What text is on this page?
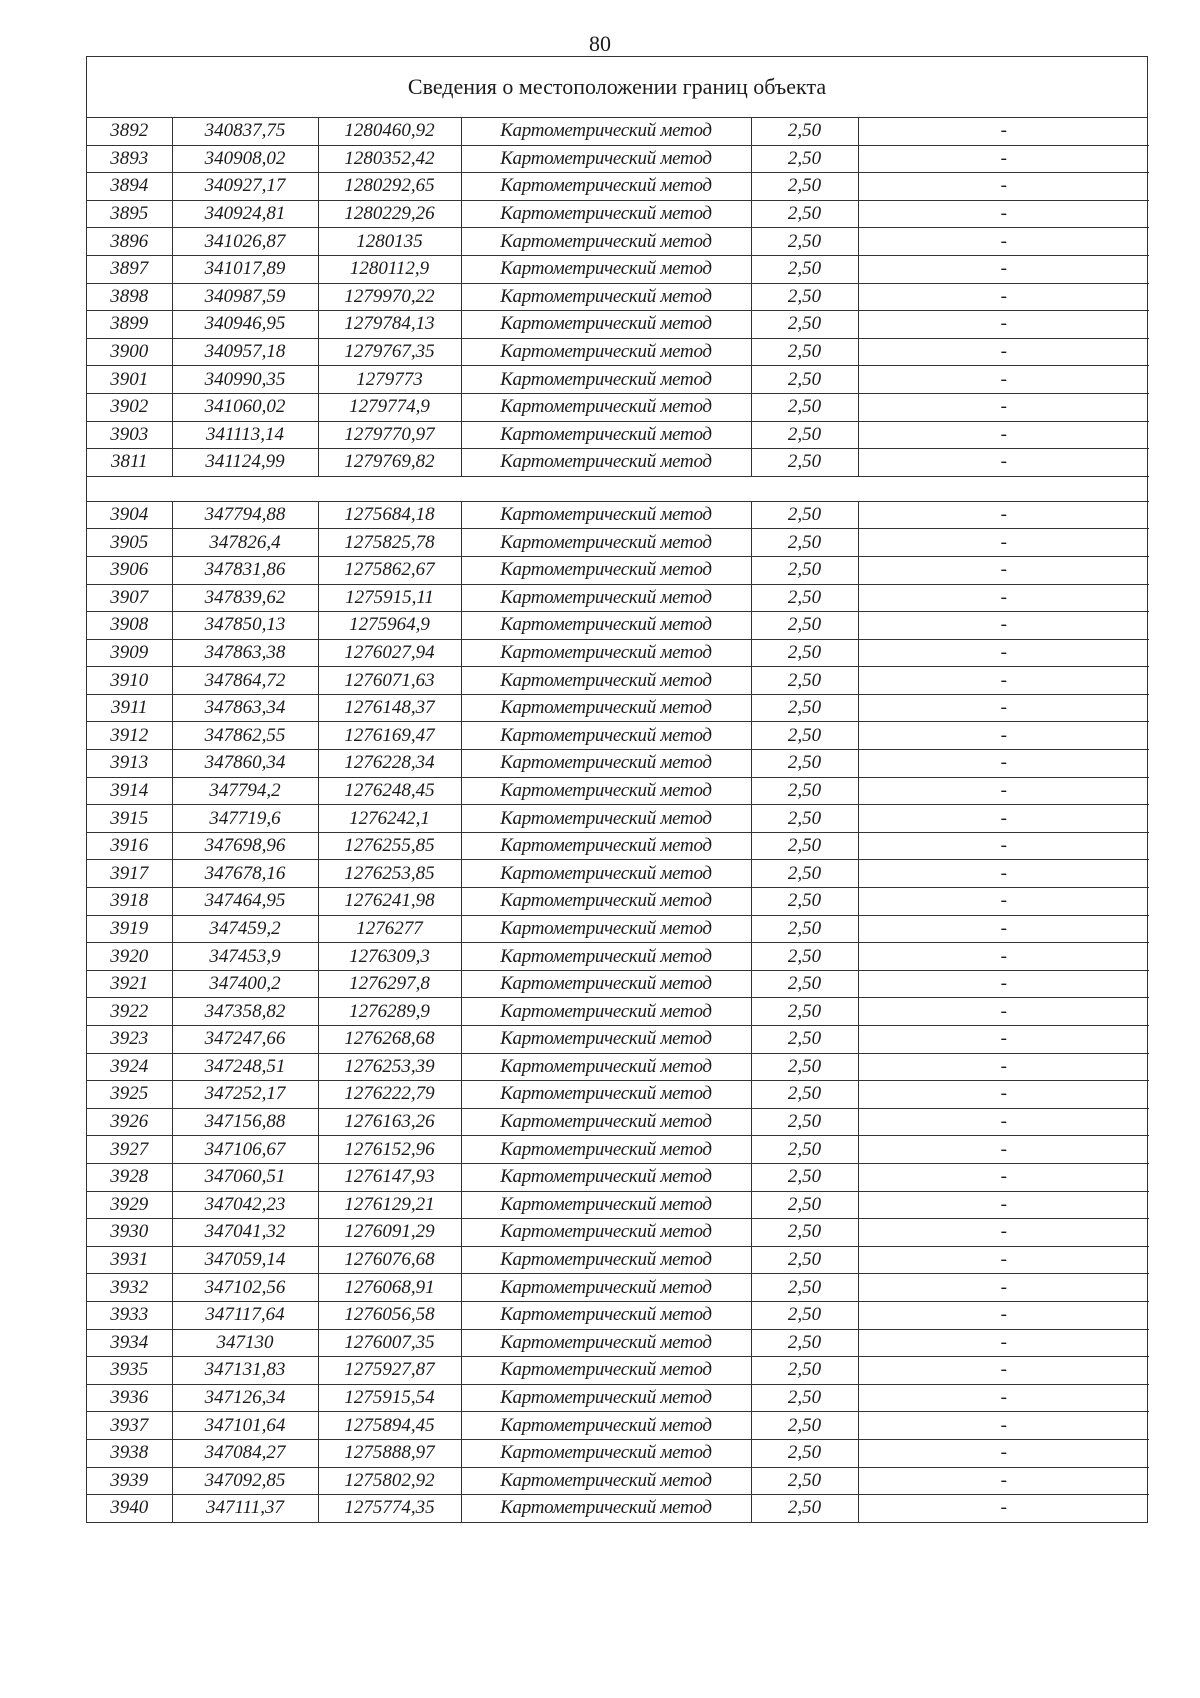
80
Сведения о местоположении границ объекта
3892	340837,75	1280460,92	Картометрический метод	2,50	-
3893	340908,02	1280352,42	Картометрический метод	2,50	-
3894	340927,17	1280292,65	Картометрический метод	2,50	-
3895	340924,81	1280229,26	Картометрический метод	2,50	-
3896	341026,87	1280135	Картометрический метод	2,50	-
3897	341017,89	1280112,9	Картометрический метод	2,50	-
3898	340987,59	1279970,22	Картометрический метод	2,50	-
3899	340946,95	1279784,13	Картометрический метод	2,50	-
3900	340957,18	1279767,35	Картометрический метод	2,50	-
3901	340990,35	1279773	Картометрический метод	2,50	-
3902	341060,02	1279774,9	Картометрический метод	2,50	-
3903	341113,14	1279770,97	Картометрический метод	2,50	-
3811	341124,99	1279769,82	Картометрический метод	2,50	-

3904	347794,88	1275684,18	Картометрический метод	2,50	-
3905	347826,4	1275825,78	Картометрический метод	2,50	-
3906	347831,86	1275862,67	Картометрический метод	2,50	-
3907	347839,62	1275915,11	Картометрический метод	2,50	-
3908	347850,13	1275964,9	Картометрический метод	2,50	-
3909	347863,38	1276027,94	Картометрический метод	2,50	-
3910	347864,72	1276071,63	Картометрический метод	2,50	-
3911	347863,34	1276148,37	Картометрический метод	2,50	-
3912	347862,55	1276169,47	Картометрический метод	2,50	-
3913	347860,34	1276228,34	Картометрический метод	2,50	-
3914	347794,2	1276248,45	Картометрический метод	2,50	-
3915	347719,6	1276242,1	Картометрический метод	2,50	-
3916	347698,96	1276255,85	Картометрический метод	2,50	-
3917	347678,16	1276253,85	Картометрический метод	2,50	-
3918	347464,95	1276241,98	Картометрический метод	2,50	-
3919	347459,2	1276277	Картометрический метод	2,50	-
3920	347453,9	1276309,3	Картометрический метод	2,50	-
3921	347400,2	1276297,8	Картометрический метод	2,50	-
3922	347358,82	1276289,9	Картометрический метод	2,50	-
3923	347247,66	1276268,68	Картометрический метод	2,50	-
3924	347248,51	1276253,39	Картометрический метод	2,50	-
3925	347252,17	1276222,79	Картометрический метод	2,50	-
3926	347156,88	1276163,26	Картометрический метод	2,50	-
3927	347106,67	1276152,96	Картометрический метод	2,50	-
3928	347060,51	1276147,93	Картометрический метод	2,50	-
3929	347042,23	1276129,21	Картометрический метод	2,50	-
3930	347041,32	1276091,29	Картометрический метод	2,50	-
3931	347059,14	1276076,68	Картометрический метод	2,50	-
3932	347102,56	1276068,91	Картометрический метод	2,50	-
3933	347117,64	1276056,58	Картометрический метод	2,50	-
3934	347130	1276007,35	Картометрический метод	2,50	-
3935	347131,83	1275927,87	Картометрический метод	2,50	-
3936	347126,34	1275915,54	Картометрический метод	2,50	-
3937	347101,64	1275894,45	Картометрический метод	2,50	-
3938	347084,27	1275888,97	Картометрический метод	2,50	-
3939	347092,85	1275802,92	Картометрический метод	2,50	-
3940	347111,37	1275774,35	Картометрический метод	2,50	-
